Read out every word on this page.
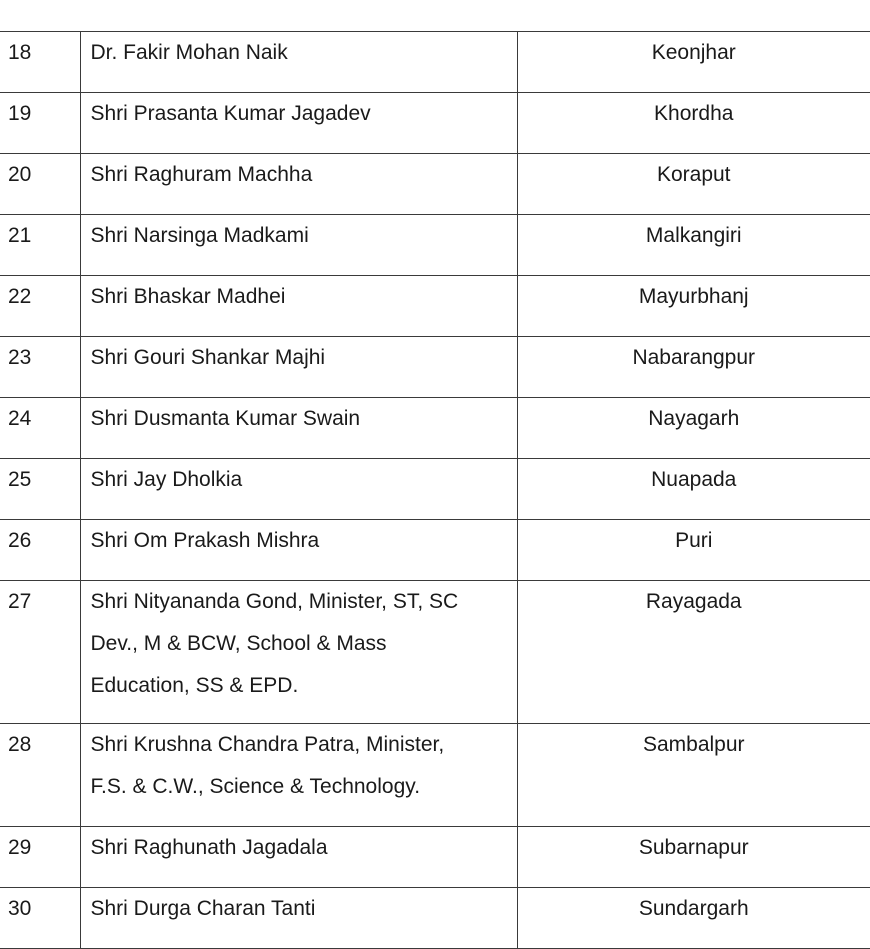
18	Dr. Fakir Mohan Naik	Keonjhar
19	Shri Prasanta Kumar Jagadev	Khordha
20	Shri Raghuram Machha	Koraput
21	Shri Narsinga Madkami	Malkangiri
22	Shri Bhaskar Madhei	Mayurbhanj
23	Shri Gouri Shankar Majhi	Nabarangpur
24	Shri Dusmanta Kumar Swain	Nayagarh
25	Shri Jay Dholkia	Nuapada
26	Shri Om Prakash Mishra	Puri
27	Shri Nityananda Gond, Minister, ST, SC
Dev., M & BCW, School & Mass
Education, SS & EPD.	Rayagada
28	Shri Krushna Chandra Patra, Minister,
F.S. & C.W., Science & Technology.	Sambalpur
29	Shri Raghunath Jagadala	Subarnapur
30	Shri Durga Charan Tanti	Sundargarh
